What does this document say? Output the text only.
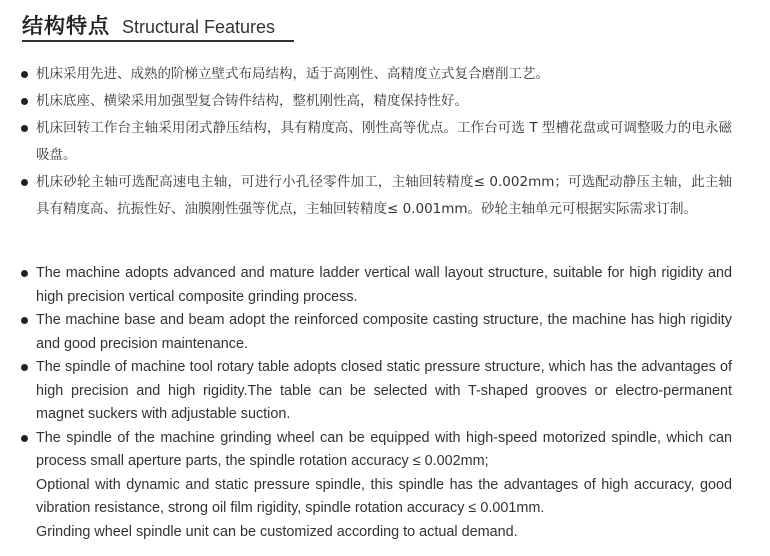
结构特点 Structural Features
机床采用先进、成熟的阶梯立壁式布局结构，适于高刚性、高精度立式复合磨削工艺。
机床底座、横梁采用加强型复合铸件结构，整机刚性高，精度保持性好。
机床回转工作台主轴采用闭式静压结构，具有精度高、刚性高等优点。工作台可选 T 型槽花盘或可调整吸力的电永磁吸盘。
机床砂轮主轴可选配高速电主轴，可进行小孔径零件加工，主轴回转精度≤ 0.002mm；可选配动静压主轴，此主轴具有精度高、抗振性好、油膜刚性强等优点，主轴回转精度≤ 0.001mm。砂轮主轴单元可根据实际需求订制。
The machine adopts advanced and mature ladder vertical wall layout structure, suitable for high rigidity and high precision vertical composite grinding process.
The machine base and beam adopt the reinforced composite casting structure, the machine has high rigidity and good precision maintenance.
The spindle of machine tool rotary table adopts closed static pressure structure, which has the advantages of high precision and high rigidity.The table can be selected with T-shaped grooves or electro-permanent magnet suckers with adjustable suction.
The spindle of the machine grinding wheel can be equipped with high-speed motorized spindle, which can process small aperture parts, the spindle rotation accuracy ≤ 0.002mm;
Optional with dynamic and static pressure spindle, this spindle has the advantages of high accuracy, good vibration resistance, strong oil film rigidity, spindle rotation accuracy ≤ 0.001mm.
Grinding wheel spindle unit can be customized according to actual demand.
